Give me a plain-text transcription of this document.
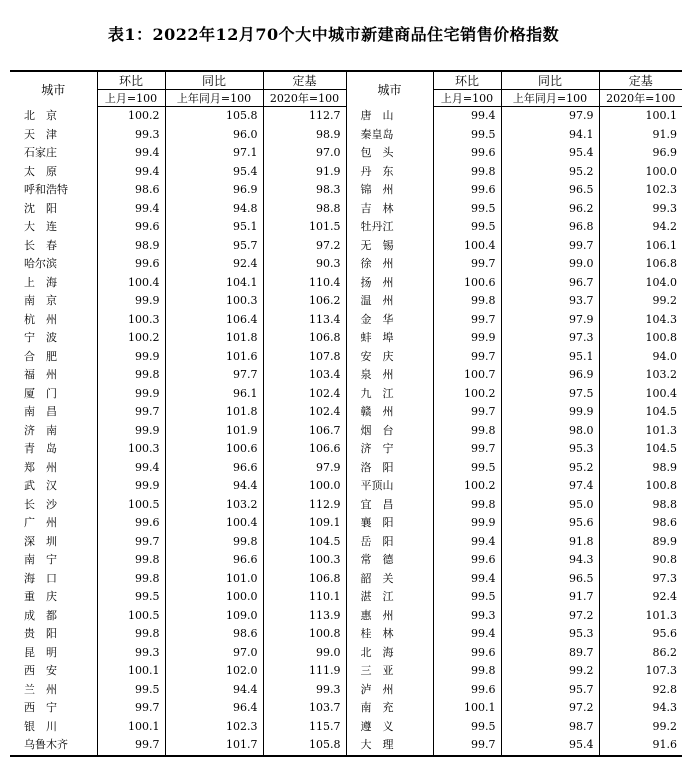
表1：2022年12月70个大中城市新建商品住宅销售价格指数
城市	环比	同比	定基	城市	环比	同比	定基
	上月=100	上年同月=100	2020年=100		上月=100	上年同月=100	2020年=100
北　京	100.2	105.8	112.7	唐　山	99.4	97.9	100.1
天　津	99.3	96.0	98.9	秦皇岛	99.5	94.1	91.9
石家庄	99.4	97.1	97.0	包　头	99.6	95.4	96.9
太　原	99.4	95.4	91.9	丹　东	99.8	95.2	100.0
呼和浩特	98.6	96.9	98.3	锦　州	99.6	96.5	102.3
沈　阳	99.4	94.8	98.8	吉　林	99.5	96.2	99.3
大　连	99.6	95.1	101.5	牡丹江	99.5	96.8	94.2
长　春	98.9	95.7	97.2	无　锡	100.4	99.7	106.1
哈尔滨	99.6	92.4	90.3	徐　州	99.7	99.0	106.8
上　海	100.4	104.1	110.4	扬　州	100.6	96.7	104.0
南　京	99.9	100.3	106.2	温　州	99.8	93.7	99.2
杭　州	100.3	106.4	113.4	金　华	99.7	97.9	104.3
宁　波	100.2	101.8	106.8	蚌　埠	99.9	97.3	100.8
合　肥	99.9	101.6	107.8	安　庆	99.7	95.1	94.0
福　州	99.8	97.7	103.4	泉　州	100.7	96.9	103.2
厦　门	99.9	96.1	102.4	九　江	100.2	97.5	100.4
南　昌	99.7	101.8	102.4	赣　州	99.7	99.9	104.5
济　南	99.9	101.9	106.7	烟　台	99.8	98.0	101.3
青　岛	100.3	100.6	106.6	济　宁	99.7	95.3	104.5
郑　州	99.4	96.6	97.9	洛　阳	99.5	95.2	98.9
武　汉	99.9	94.4	100.0	平顶山	100.2	97.4	100.8
长　沙	100.5	103.2	112.9	宜　昌	99.8	95.0	98.8
广　州	99.6	100.4	109.1	襄　阳	99.9	95.6	98.6
深　圳	99.7	99.8	104.5	岳　阳	99.4	91.8	89.9
南　宁	99.8	96.6	100.3	常　德	99.6	94.3	90.8
海　口	99.8	101.0	106.8	韶　关	99.4	96.5	97.3
重　庆	99.5	100.0	110.1	湛　江	99.5	91.7	92.4
成　都	100.5	109.0	113.9	惠　州	99.3	97.2	101.3
贵　阳	99.8	98.6	100.8	桂　林	99.4	95.3	95.6
昆　明	99.3	97.0	99.0	北　海	99.6	89.7	86.2
西　安	100.1	102.0	111.9	三　亚	99.8	99.2	107.3
兰　州	99.5	94.4	99.3	泸　州	99.6	95.7	92.8
西　宁	99.7	96.4	103.7	南　充	100.1	97.2	94.3
银　川	100.1	102.3	115.7	遵　义	99.5	98.7	99.2
乌鲁木齐	99.7	101.7	105.8	大　理	99.7	95.4	91.6
